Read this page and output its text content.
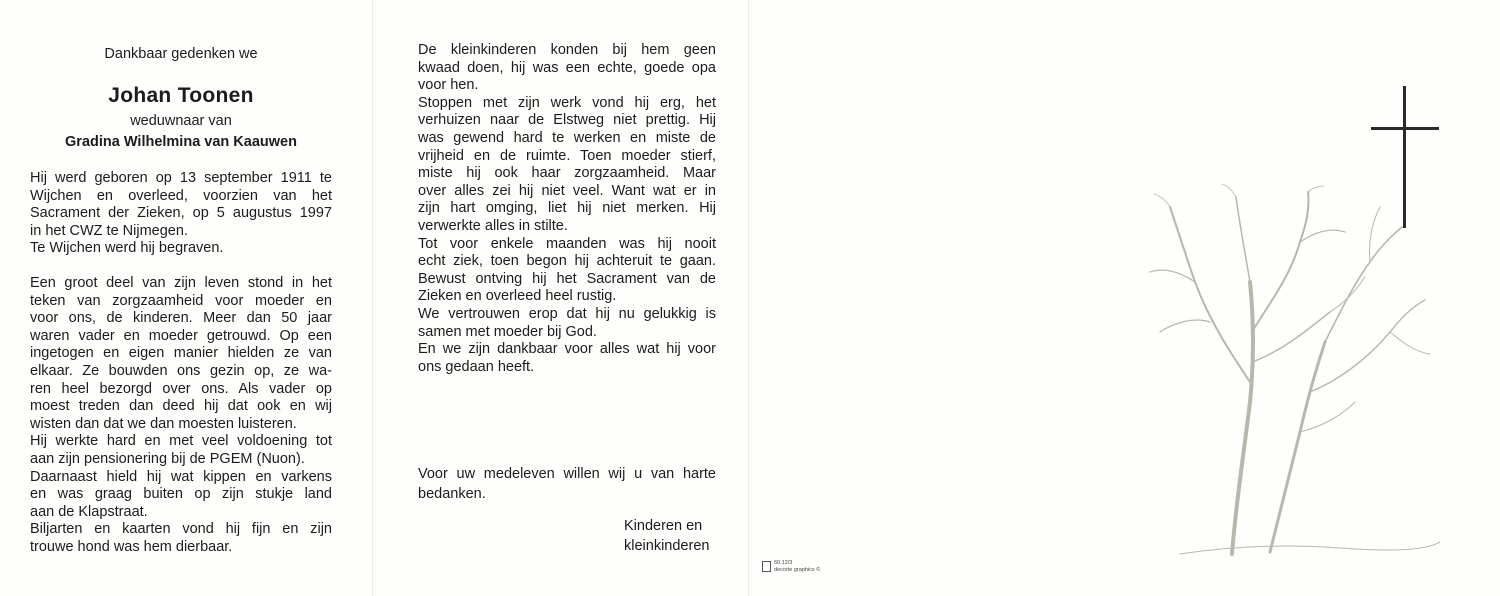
Dankbaar gedenken we
Johan Toonen
weduwnaar van
Gradina Wilhelmina van Kaauwen

Hij werd geboren op 13 september 1911 te
Wijchen en overleed, voorzien van het
Sacrament der Zieken, op 5 augustus 1997
in het CWZ te Nijmegen.
Te Wijchen werd hij begraven.

Een groot deel van zijn leven stond in het
teken van zorgzaamheid voor moeder en
voor ons, de kinderen. Meer dan 50 jaar
waren vader en moeder getrouwd. Op een
ingetogen en eigen manier hielden ze van
elkaar. Ze bouwden ons gezin op, ze wa-
ren heel bezorgd over ons. Als vader op
moest treden dan deed hij dat ook en wij
wisten dan dat we dan moesten luisteren.
Hij werkte hard en met veel voldoening tot
aan zijn pensionering bij de PGEM (Nuon).
Daarnaast hield hij wat kippen en varkens
en was graag buiten op zijn stukje land
aan de Klapstraat.
Biljarten en kaarten vond hij fijn en zijn
trouwe hond was hem dierbaar.

De kleinkinderen konden bij hem geen
kwaad doen, hij was een echte, goede opa
voor hen.
Stoppen met zijn werk vond hij erg, het
verhuizen naar de Elstweg niet prettig. Hij
was gewend hard te werken en miste de
vrijheid en de ruimte. Toen moeder stierf,
miste hij ook haar zorgzaamheid. Maar
over alles zei hij niet veel. Want wat er in
zijn hart omging, liet hij niet merken. Hij
verwerkte alles in stilte.
Tot voor enkele maanden was hij nooit
echt ziek, toen begon hij achteruit te gaan.
Bewust ontving hij het Sacrament van de
Zieken en overleed heel rustig.
We vertrouwen erop dat hij nu gelukkig is
samen met moeder bij God.
En we zijn dankbaar voor alles wat hij voor
ons gedaan heeft.

Voor uw medeleven willen wij u van harte
bedanken.

Kinderen en
kleinkinderen
60.12/3
decorte graphics ©
